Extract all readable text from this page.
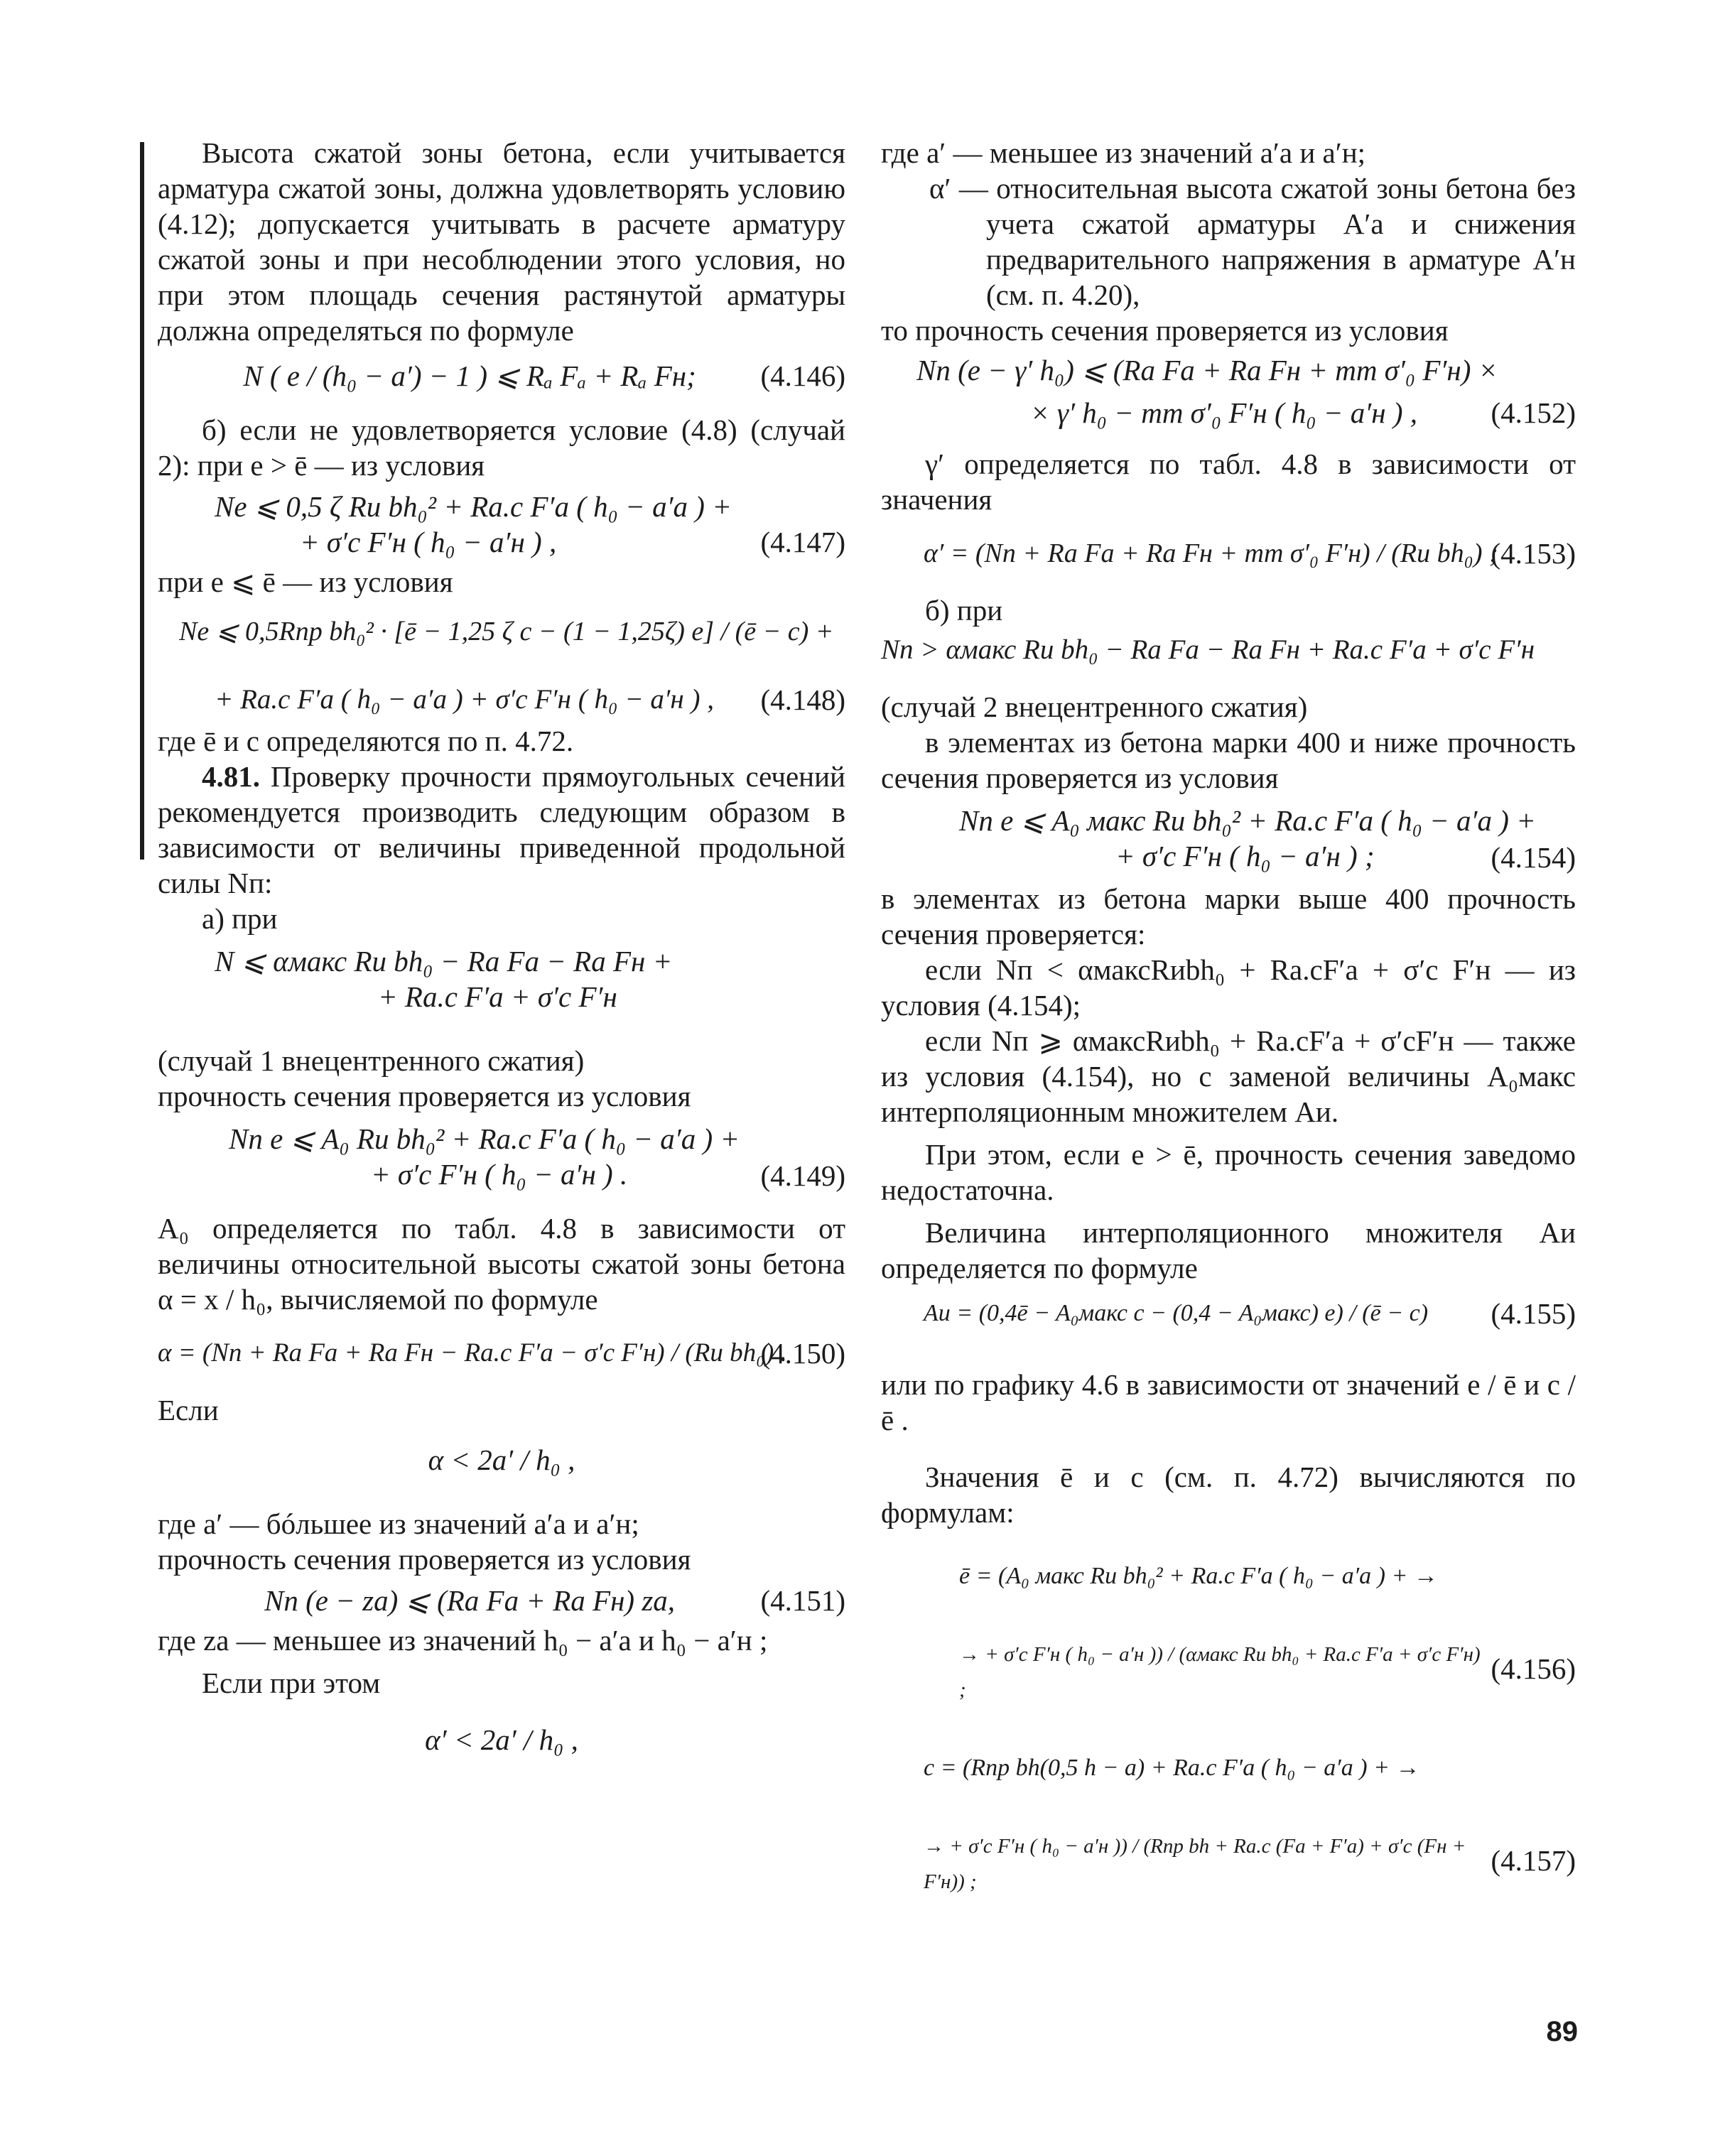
Высота сжатой зоны бетона, если учитывается арматура сжатой зоны, должна удовлетворять условию (4.12); допускается учитывать в расчете арматуру сжатой зоны и при несоблюдении этого условия, но при этом площадь сечения растянутой арматуры должна определяться по формуле

N ( e / (h₀ − a′) − 1 ) ⩽ Rₐ Fₐ + Rₐ Fн;	(4.146)

б) если не удовлетворяется условие (4.8) (случай 2): при e > ē — из условия

Ne ⩽ 0,5 ζ Rи bh₀² + Rа.с F′а ( h₀ − a′а ) +
+ σ′с F′н ( h₀ − a′н ) ,	(4.147)

при e ⩽ ē — из условия

Ne ⩽ 0,5Rпр bh₀² · [ē − 1,25 ζ c − (1 − 1,25ζ) e] / (ē − c) +
+ Rа.с F′а ( h₀ − a′а ) + σ′с F′н ( h₀ − a′н ) ,	(4.148)

где ē и c определяются по п. 4.72.

4.81. Проверку прочности прямоугольных сечений рекомендуется производить следующим образом в зависимости от величины приведенной продольной силы Nп:

а) при

N ⩽ αмакс Rи bh₀ − Rа Fа − Rа Fн +
+ Rа.с F′а + σ′с F′н

(случай 1 внецентренного сжатия)

прочность сечения проверяется из условия

Nп e ⩽ A₀ Rи bh₀² + Rа.с F′а ( h₀ − a′а ) +
+ σ′с F′н ( h₀ − a′н ) .	(4.149)

A₀ определяется по табл. 4.8 в зависимости от величины относительной высоты сжатой зоны бетона α = x / h₀, вычисляемой по формуле

α = (Nп + Rа Fа + Rа Fн − Rа.с F′а − σ′с F′н) / (Rи bh₀) .
(4.150)

Если

α < 2a′ / h₀ ,

где a′ — бóльшее из значений a′а и a′н;

прочность сечения проверяется из условия

Nп (e − zа) ⩽ (Rа Fа + Rа Fн) zа,	(4.151)

где zа — меньшее из значений h₀ − a′а и h₀ − a′н ;

Если при этом

α′ < 2a′ / h₀ ,

где a′ — меньшее из значений a′а и a′н;

α′ — относительная высота сжатой зоны бетона без учета сжатой арматуры A′а и снижения предварительного напряжения в арматуре A′н (см. п. 4.20),

то прочность сечения проверяется из условия

Nп (e − γ′ h₀) ⩽ (Rа Fа + Rа Fн + mт σ′₀ F′н) ×
× γ′ h₀ − mт σ′₀ F′н ( h₀ − a′н ) ,	(4.152)

γ′ определяется по табл. 4.8 в зависимости от значения

α′ = (Nп + Rа Fа + Rа Fн + mт σ′₀ F′н) / (Rи bh₀) ;
(4.153)

б) при

Nп > αмакс Rи bh₀ − Rа Fа − Rа Fн + Rа.с F′а + σ′с F′н

(случай 2 внецентренного сжатия)

в элементах из бетона марки 400 и ниже прочность сечения проверяется из условия

Nп e ⩽ A₀ макс Rи bh₀² + Rа.с F′а ( h₀ − a′а ) +
+ σ′с F′н ( h₀ − a′н ) ;	(4.154)

в элементах из бетона марки выше 400 прочность сечения проверяется:

если Nп < αмаксRиbh₀ + Rа.сF′а + σ′с F′н — из условия (4.154);

если Nп ⩾ αмаксRиbh₀ + Rа.сF′а + σ′сF′н — также из условия (4.154), но с заменой величины A₀макс интерполяционным множителем Aи.

При этом, если e > ē, прочность сечения заведомо недостаточна.

Величина интерполяционного множителя Aи определяется по формуле

Aи = (0,4ē − A₀макс c − (0,4 − A₀макс) e) / (ē − c)	(4.155)

или по графику 4.6 в зависимости от значений e / ē и c / ē .

Значения ē и c (см. п. 4.72) вычисляются по формулам:

ē = (A₀ макс Rи bh₀² + Rа.с F′а ( h₀ − a′а ) + →
→ + σ′с F′н ( h₀ − a′н )) / (αмакс Rи bh₀ + Rа.с F′а + σ′с F′н) ;
(4.156)
c = (Rпр bh(0,5 h − a) + Rа.с F′а ( h₀ − a′а ) + →
→ + σ′с F′н ( h₀ − a′н )) / (Rпр bh + Rа.с (Fа + F′а) + σ′с (Fн + F′н)) ;
(4.157)
89
